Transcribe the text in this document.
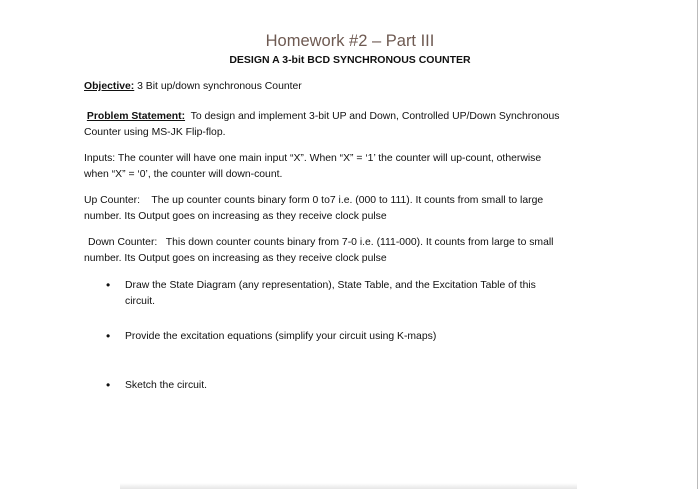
Homework #2 – Part III
DESIGN A 3-bit BCD SYNCHRONOUS COUNTER
Objective: 3 Bit up/down synchronous Counter
Problem Statement:  To design and implement 3-bit UP and Down, Controlled UP/Down Synchronous
Counter using MS-JK Flip-flop.
Inputs: The counter will have one main input “X”. When “X” = ‘1’ the counter will up-count, otherwise
when “X” = ‘0’, the counter will down-count.
Up Counter:    The up counter counts binary form 0 to7 i.e. (000 to 111). It counts from small to large
number. Its Output goes on increasing as they receive clock pulse
Down Counter:   This down counter counts binary from 7-0 i.e. (111-000). It counts from large to small
number. Its Output goes on increasing as they receive clock pulse
• Draw the State Diagram (any representation), State Table, and the Excitation Table of this
circuit.
• Provide the excitation equations (simplify your circuit using K-maps)
• Sketch the circuit.
